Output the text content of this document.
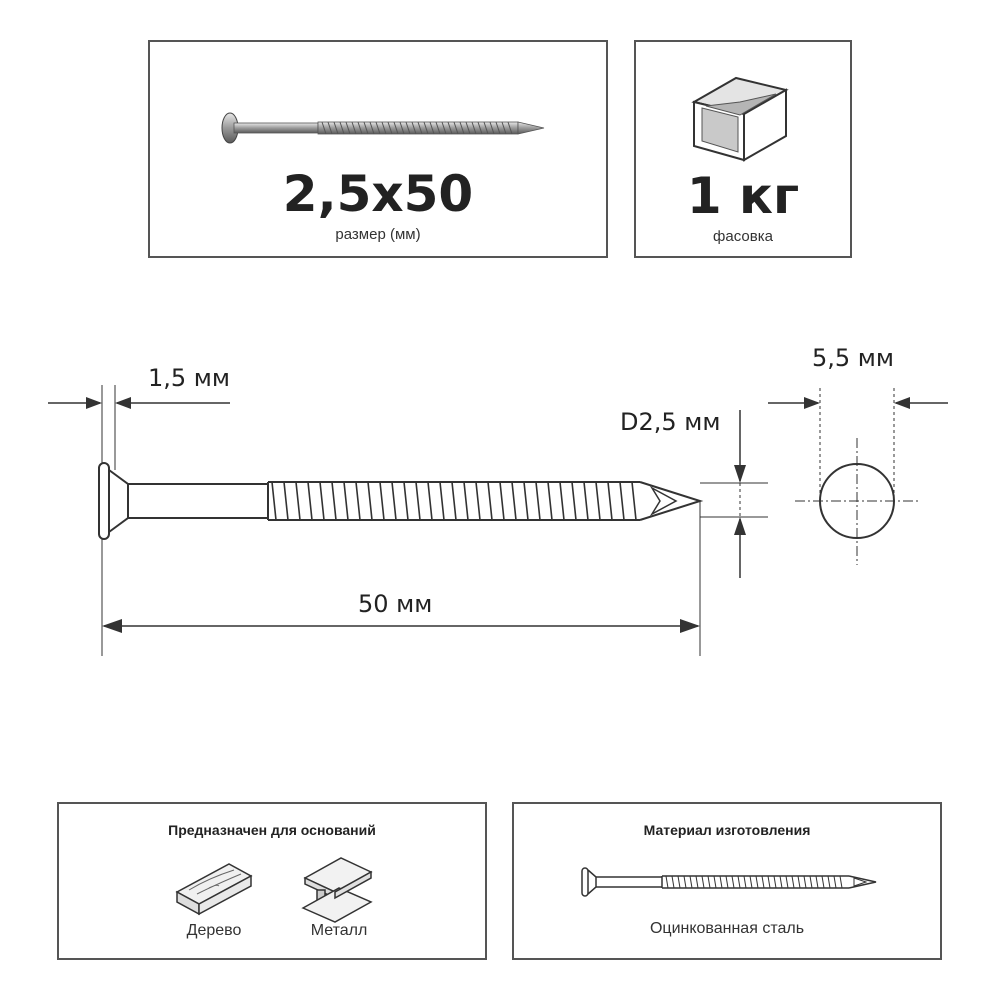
2,5x50
размер (мм)
1 кг
фасовка
1,5 мм
50 мм
D2,5 мм
5,5 мм
Предназначен для оснований
Дерево	Металл
Материал изготовления
Оцинкованная сталь
